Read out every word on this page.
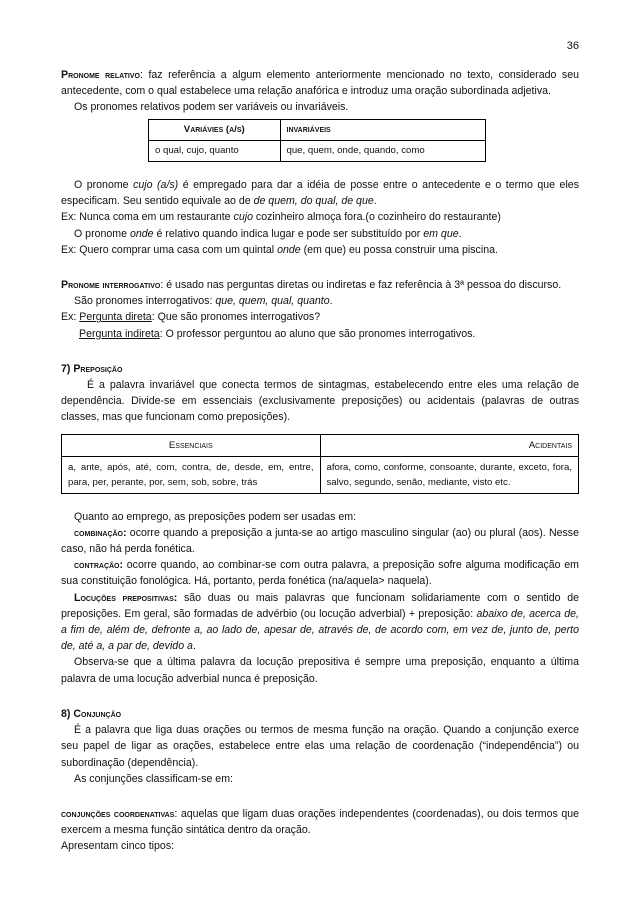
36

Pronome relativo: faz referência a algum elemento anteriormente mencionado no texto, considerado seu antecedente, com o qual estabelece uma relação anafórica e introduz uma oração subordinada adjetiva.

Os pronomes relativos podem ser variáveis ou invariáveis.

Variávies (a/s)	invariáveis
o qual, cujo, quanto	que, quem, onde, quando, como

O pronome cujo (a/s) é empregado para dar a idéia de posse entre o antecedente e o termo que eles especificam. Seu sentido equivale ao de de quem, do qual, de que.

Ex: Nunca coma em um restaurante cujo cozinheiro almoça fora.(o cozinheiro do restaurante)

O pronome onde é relativo quando indica lugar e pode ser substituído por em que.

Ex: Quero comprar uma casa com um quintal onde (em que) eu possa construir uma piscina.

Pronome interrogativo: é usado nas perguntas diretas ou indiretas e faz referência à 3ª pessoa do discurso.

São pronomes interrogativos: que, quem, qual, quanto.

Ex: Pergunta direta: Que são pronomes interrogativos?

Pergunta indireta: O professor perguntou ao aluno que são pronomes interrogativos.

7) Preposição

É a palavra invariável que conecta termos de sintagmas, estabelecendo entre eles uma relação de dependência. Divide-se em essenciais (exclusivamente preposições) ou acidentais (palavras de outras classes, mas que funcionam como preposições).

Essenciais	Acidentais
a, ante, após, até, com, contra, de, desde, em, entre, para, per, perante, por, sem, sob, sobre, trás	afora, como, conforme, consoante, durante, exceto, fora, salvo, segundo, senão, mediante, visto etc.

Quanto ao emprego, as preposições podem ser usadas em:

combinação: ocorre quando a preposição a junta-se ao artigo masculino singular (ao) ou plural (aos). Nesse caso, não há perda fonética.

contração: ocorre quando, ao combinar-se com outra palavra, a preposição sofre alguma modificação em sua constituição fonológica. Há, portanto, perda fonética (na/aquela> naquela).

Locuções prepositivas: são duas ou mais palavras que funcionam solidariamente com o sentido de preposições. Em geral, são formadas de advérbio (ou locução adverbial) + preposição: abaixo de, acerca de, a fim de, além de, defronte a, ao lado de, apesar de, através de, de acordo com, em vez de, junto de, perto de, até a, a par de, devido a.

Observa-se que a última palavra da locução prepositiva é sempre uma preposição, enquanto a última palavra de uma locução adverbial nunca é preposição.

8) Conjunção

É a palavra que liga duas orações ou termos de mesma função na oração. Quando a conjunção exerce seu papel de ligar as orações, estabelece entre elas uma relação de coordenação (“independência”) ou subordinação (dependência).

As conjunções classificam-se em:

conjunções coordenativas: aquelas que ligam duas orações independentes (coordenadas), ou dois termos que exercem a mesma função sintática dentro da oração.

Apresentam cinco tipos:
